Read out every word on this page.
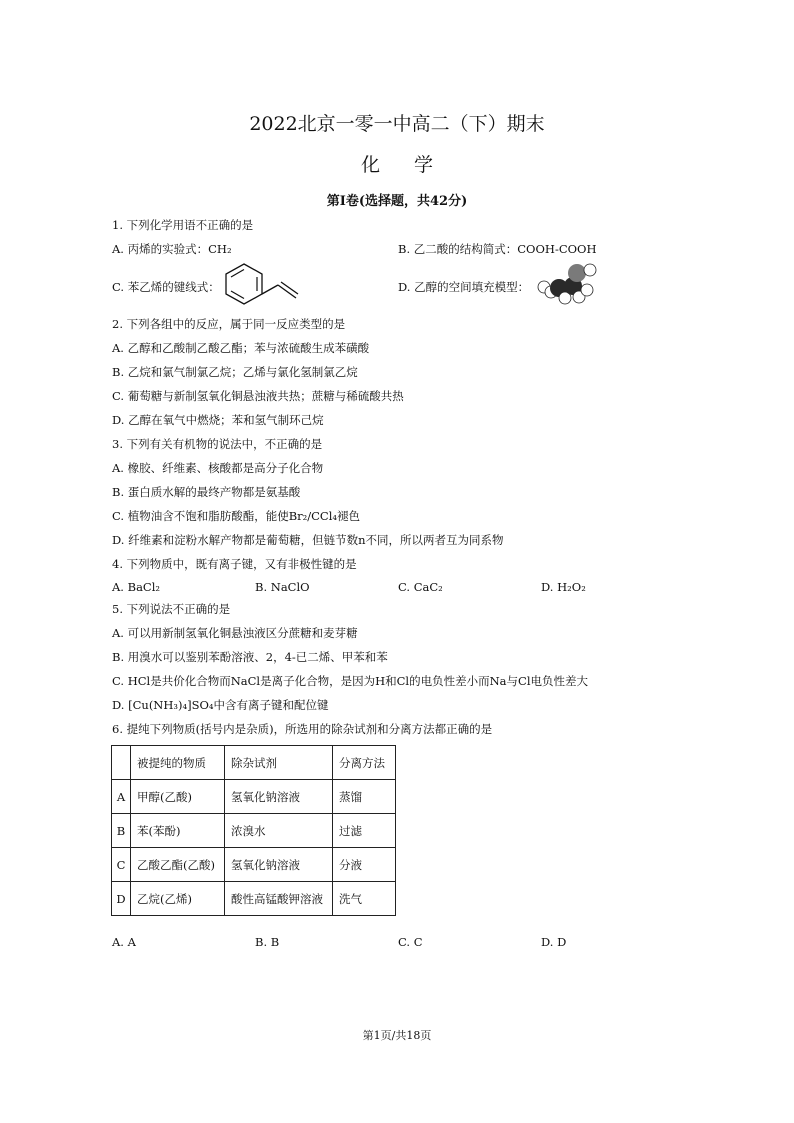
2022北京一零一中高二（下）期末
化学
第I卷(选择题，共42分)
1. 下列化学用语不正确的是
A. 丙烯的实验式：CH₂	B. 乙二酸的结构简式：COOH-COOH
C. 苯乙烯的键线式：	D. 乙醇的空间填充模型：
2. 下列各组中的反应，属于同一反应类型的是
A. 乙醇和乙酸制乙酸乙酯；苯与浓硫酸生成苯磺酸
B. 乙烷和氯气制氯乙烷；乙烯与氯化氢制氯乙烷
C. 葡萄糖与新制氢氧化铜悬浊液共热；蔗糖与稀硫酸共热
D. 乙醇在氧气中燃烧；苯和氢气制环己烷
3. 下列有关有机物的说法中，不正确的是
A. 橡胶、纤维素、核酸都是高分子化合物
B. 蛋白质水解的最终产物都是氨基酸
C. 植物油含不饱和脂肪酸酯，能使Br₂/CCl₄褪色
D. 纤维素和淀粉水解产物都是葡萄糖，但链节数n不同，所以两者互为同系物
4. 下列物质中，既有离子键，又有非极性键的是
A. BaCl₂	B. NaClO	C. CaC₂	D. H₂O₂
5. 下列说法不正确的是
A. 可以用新制氢氧化铜悬浊液区分蔗糖和麦芽糖
B. 用溴水可以鉴别苯酚溶液、2，4-已二烯、甲苯和苯
C. HCl是共价化合物而NaCl是离子化合物，是因为H和Cl的电负性差小而Na与Cl电负性差大
D. [Cu(NH₃)₄]SO₄中含有离子键和配位键
6. 提纯下列物质(括号内是杂质)，所选用的除杂试剂和分离方法都正确的是
	被提纯的物质	除杂试剂	分离方法
A	甲醇(乙酸)	氢氧化钠溶液	蒸馏
B	苯(苯酚)	浓溴水	过滤
C	乙酸乙酯(乙酸)	氢氧化钠溶液	分液
D	乙烷(乙烯)	酸性高锰酸钾溶液	洗气
A. A	B. B	C. C	D. D
第1页/共18页
